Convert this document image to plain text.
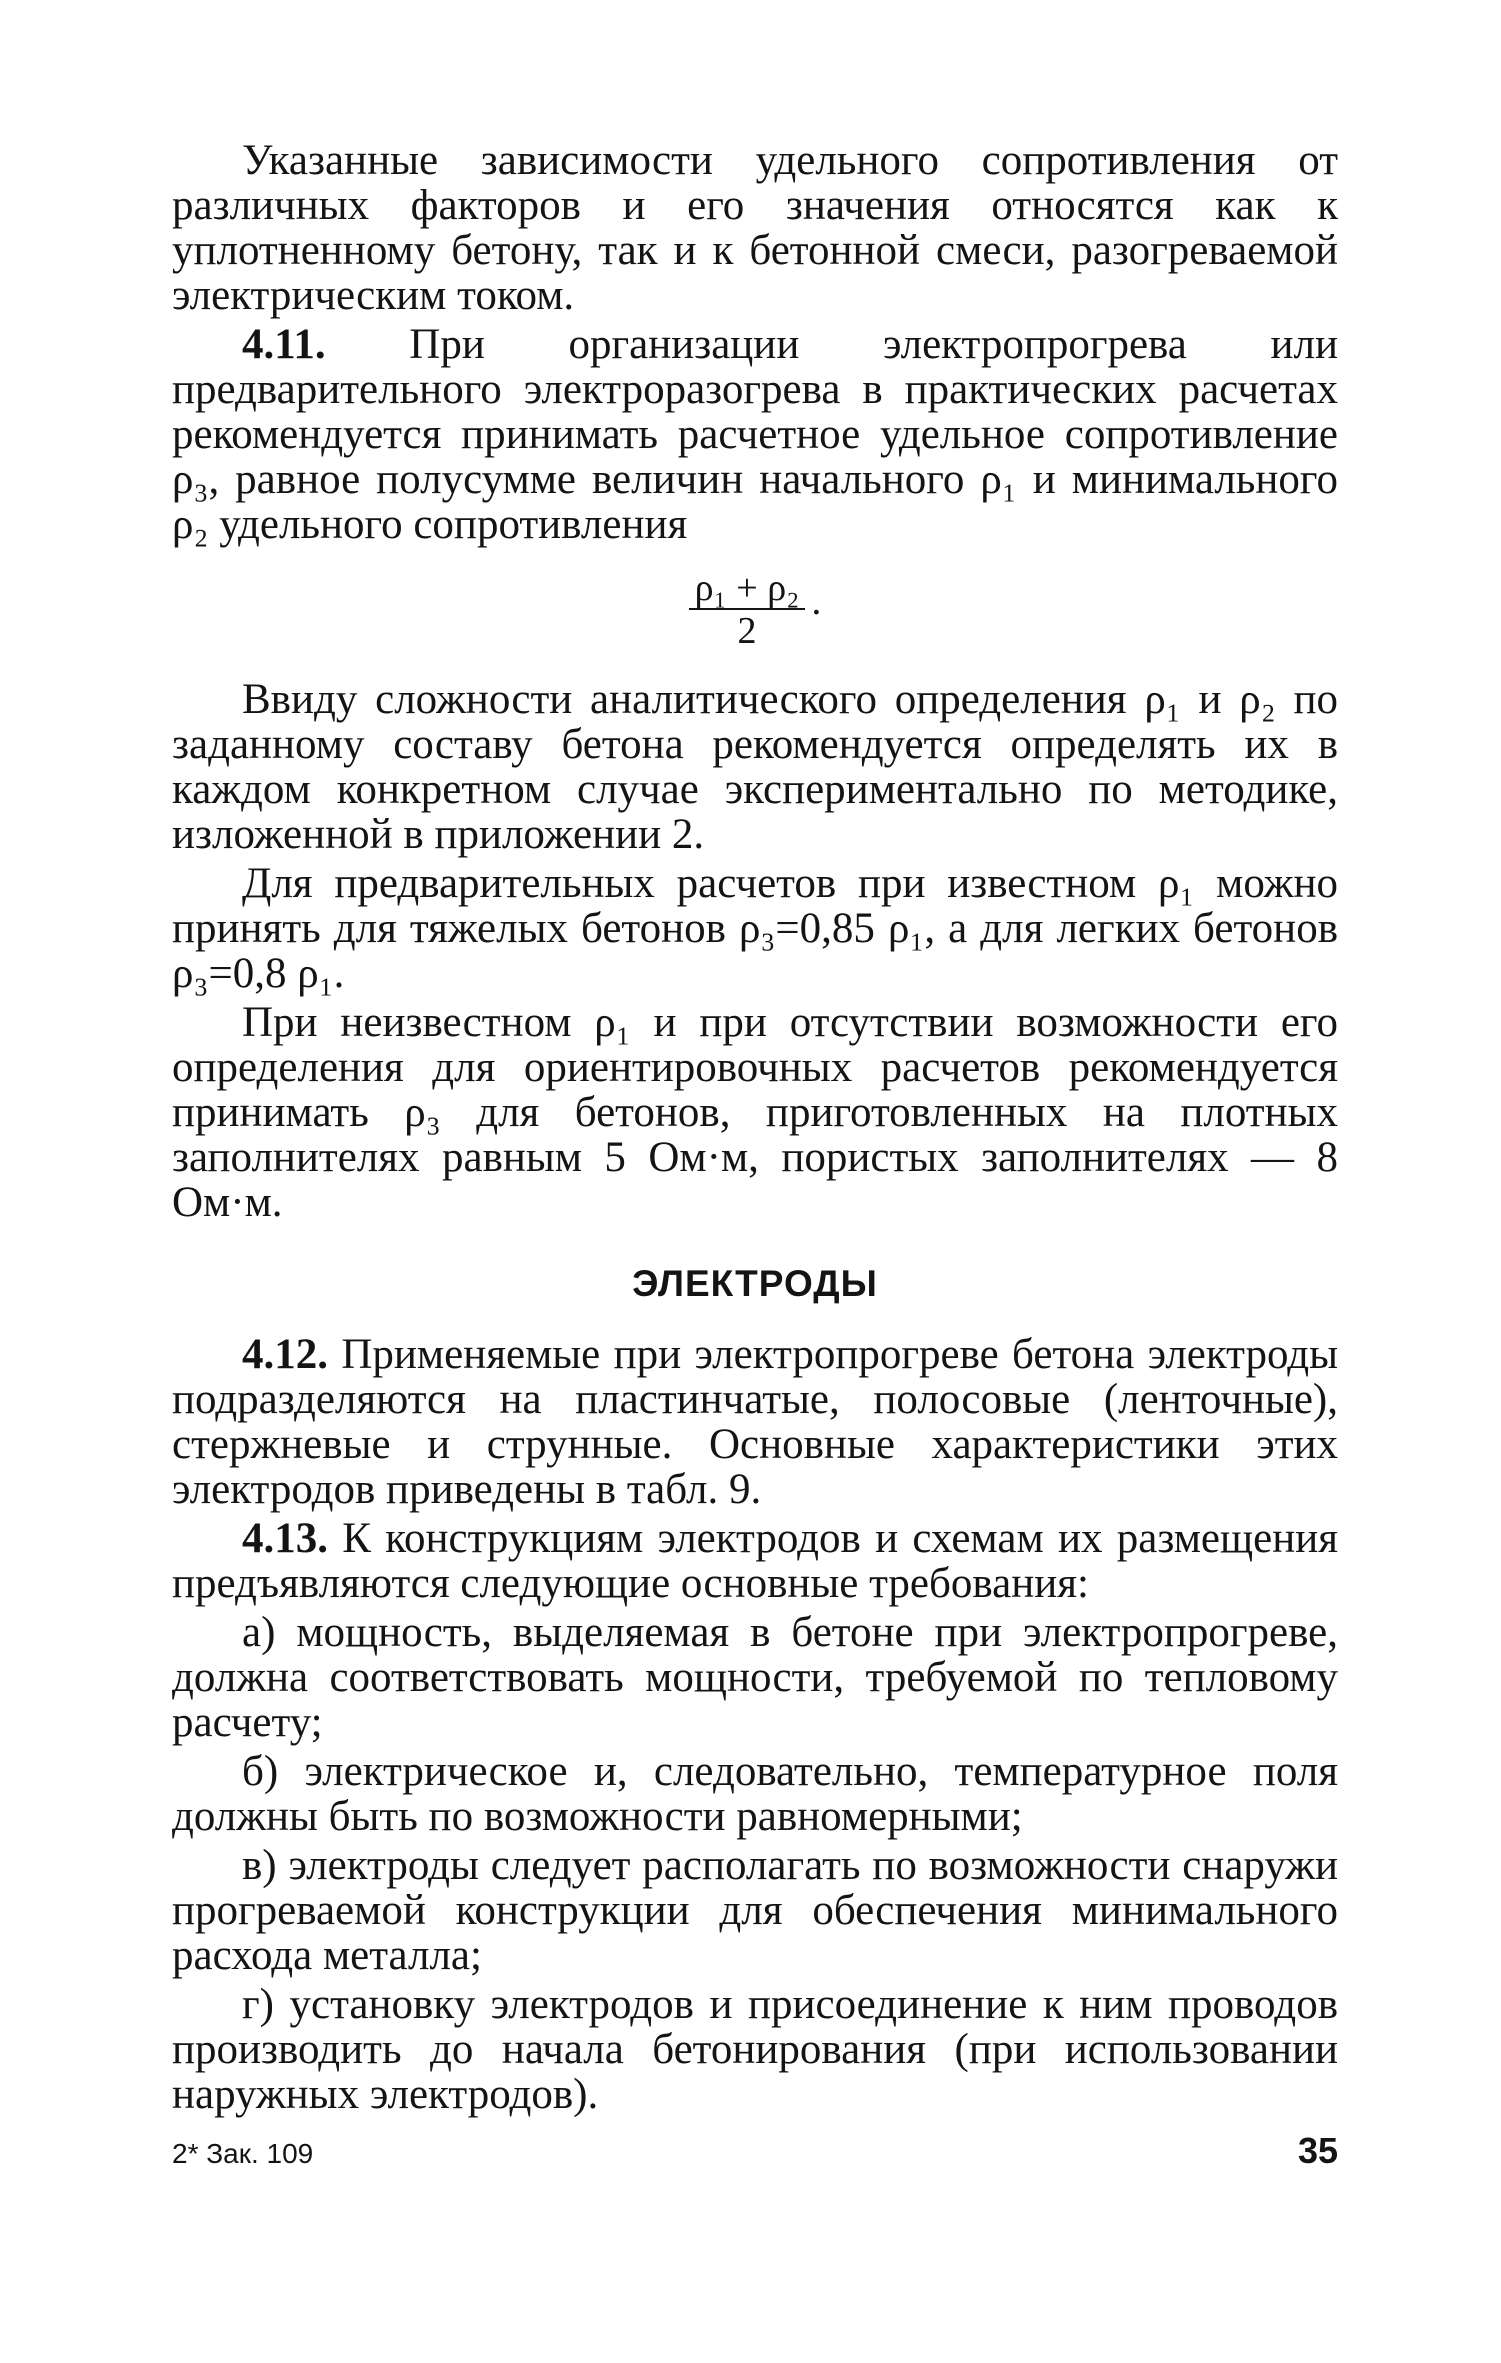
Указанные зависимости удельного сопротивления от различных факторов и его значения относятся как к уплотненному бетону, так и к бетонной смеси, разогреваемой электрическим током.

4.11. При организации электропрогрева или предварительного электроразогрева в практических расчетах рекомендуется принимать расчетное удельное сопротивление ρ₃, равное полусумме величин начального ρ₁ и минимального ρ₂ удельного сопротивления

$\frac{\text{ρ₁ + ρ₂}}{2}$ .

Ввиду сложности аналитического определения ρ₁ и ρ₂ по заданному составу бетона рекомендуется определять их в каждом конкретном случае экспериментально по методике, изложенной в приложении 2.

Для предварительных расчетов при известном ρ₁ можно принять для тяжелых бетонов ρ₃=0,85 ρ₁, а для легких бетонов ρ₃=0,8 ρ₁.

При неизвестном ρ₁ и при отсутствии возможности его определения для ориентировочных расчетов рекомендуется принимать ρ₃ для бетонов, приготовленных на плотных заполнителях равным 5 Ом·м, пористых заполнителях — 8 Ом·м.

ЭЛЕКТРОДЫ

4.12. Применяемые при электропрогреве бетона электроды подразделяются на пластинчатые, полосовые (ленточные), стержневые и струнные. Основные характеристики этих электродов приведены в табл. 9.

4.13. К конструкциям электродов и схемам их размещения предъявляются следующие основные требования:

а) мощность, выделяемая в бетоне при электропрогреве, должна соответствовать мощности, требуемой по тепловому расчету;

б) электрическое и, следовательно, температурное поля должны быть по возможности равномерными;

в) электроды следует располагать по возможности снаружи прогреваемой конструкции для обеспечения минимального расхода металла;

г) установку электродов и присоединение к ним проводов производить до начала бетонирования (при использовании наружных электродов).

2* Зак. 109	35
